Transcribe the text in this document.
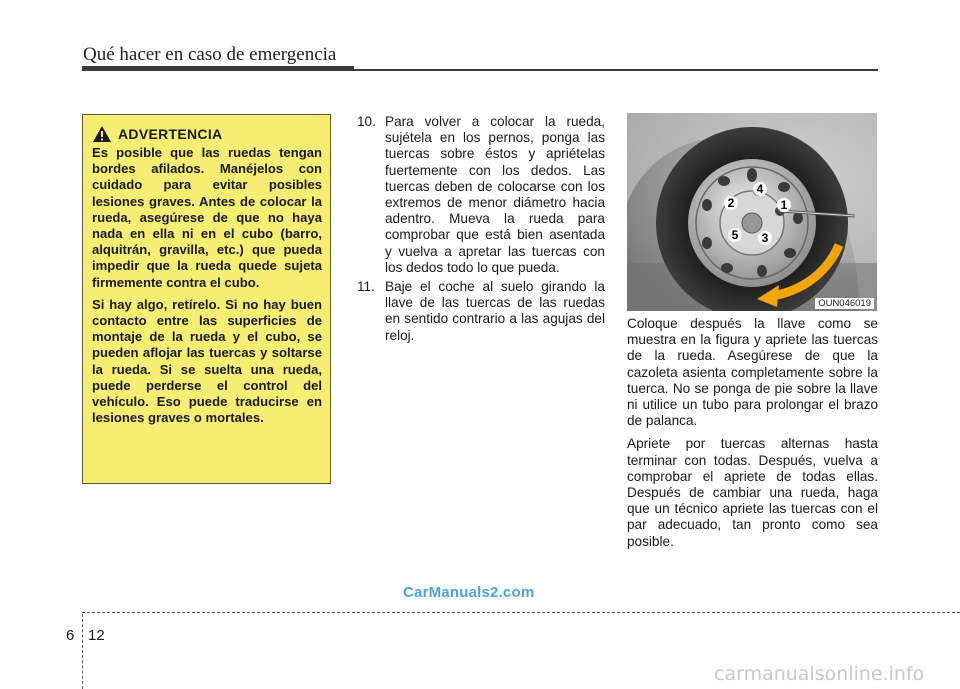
Qué hacer en caso de emergencia
ADVERTENCIA

Es posible que las ruedas tengan bordes afilados. Manéjelos con cuidado para evitar posibles lesiones graves. Antes de colocar la rueda, asegúrese de que no haya nada en ella ni en el cubo (barro, alquitrán, gravilla, etc.) que pueda impedir que la rueda quede sujeta firmemente contra el cubo.

Si hay algo, retírelo. Si no hay buen contacto entre las superficies de montaje de la rueda y el cubo, se pueden aflojar las tuercas y soltarse la rueda. Si se suelta una rueda, puede perderse el control del vehículo. Eso puede traducirse en lesiones graves o mortales.

10. Para volver a colocar la rueda, sujétela en los pernos, ponga las tuercas sobre éstos y apriételas fuertemente con los dedos. Las tuercas deben de colocarse con los extremos de menor diámetro hacia adentro. Mueva la rueda para comprobar que está bien asentada y vuelva a apretar las tuercas con los dedos todo lo que pueda.
11. Baje el coche al suelo girando la llave de las tuercas de las ruedas en sentido contrario a las agujas del reloj.
1
2
3
4
5
OUN046019

Coloque después la llave como se muestra en la figura y apriete las tuercas de la rueda. Asegúrese de que la cazoleta asienta completamente sobre la tuerca. No se ponga de pie sobre la llave ni utilice un tubo para prolongar el brazo de palanca.

Apriete por tuercas alternas hasta terminar con todas. Después, vuelva a comprobar el apriete de todas ellas. Después de cambiar una rueda, haga que un técnico apriete las tuercas con el par adecuado, tan pronto como sea posible.

CarManuals2.com
6 12
carmanualsonline.info
